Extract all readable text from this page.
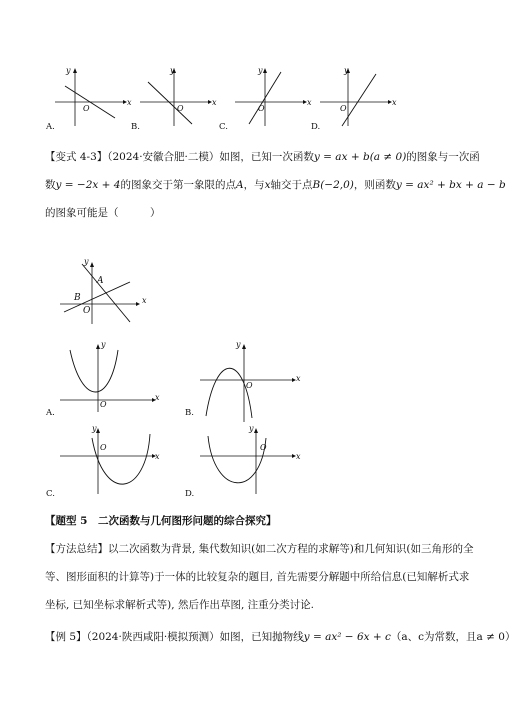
y
x
O
y
x
O
y
x
O
y
x
O
A.	B.	C.	D.
【变式 4-3】（2024·安徽合肥·二模）如图，已知一次函数y = ax + b(a ≠ 0)的图象与一次函
数y = −2x + 4的图象交于第一象限的点A，与x轴交于点B(−2,0)，则函数y = ax² + bx + a − b
的图象可能是（　　　）
y
x
A
B
O
y
x
O
A.
y
x
O
B.
y
x
O
C.
y
x
O
D.
【题型 5　二次函数与几何图形问题的综合探究】
【方法总结】以二次函数为背景, 集代数知识(如二次方程的求解等)和几何知识(如三角形的全
等、图形面积的计算等)于一体的比较复杂的题目, 首先需要分解题中所给信息(已知解析式求
坐标, 已知坐标求解析式等), 然后作出草图, 注重分类讨论.
【例 5】（2024·陕西咸阳·模拟预测）如图，已知抛物线y = ax² − 6x + c（a、c为常数，且a ≠ 0）
